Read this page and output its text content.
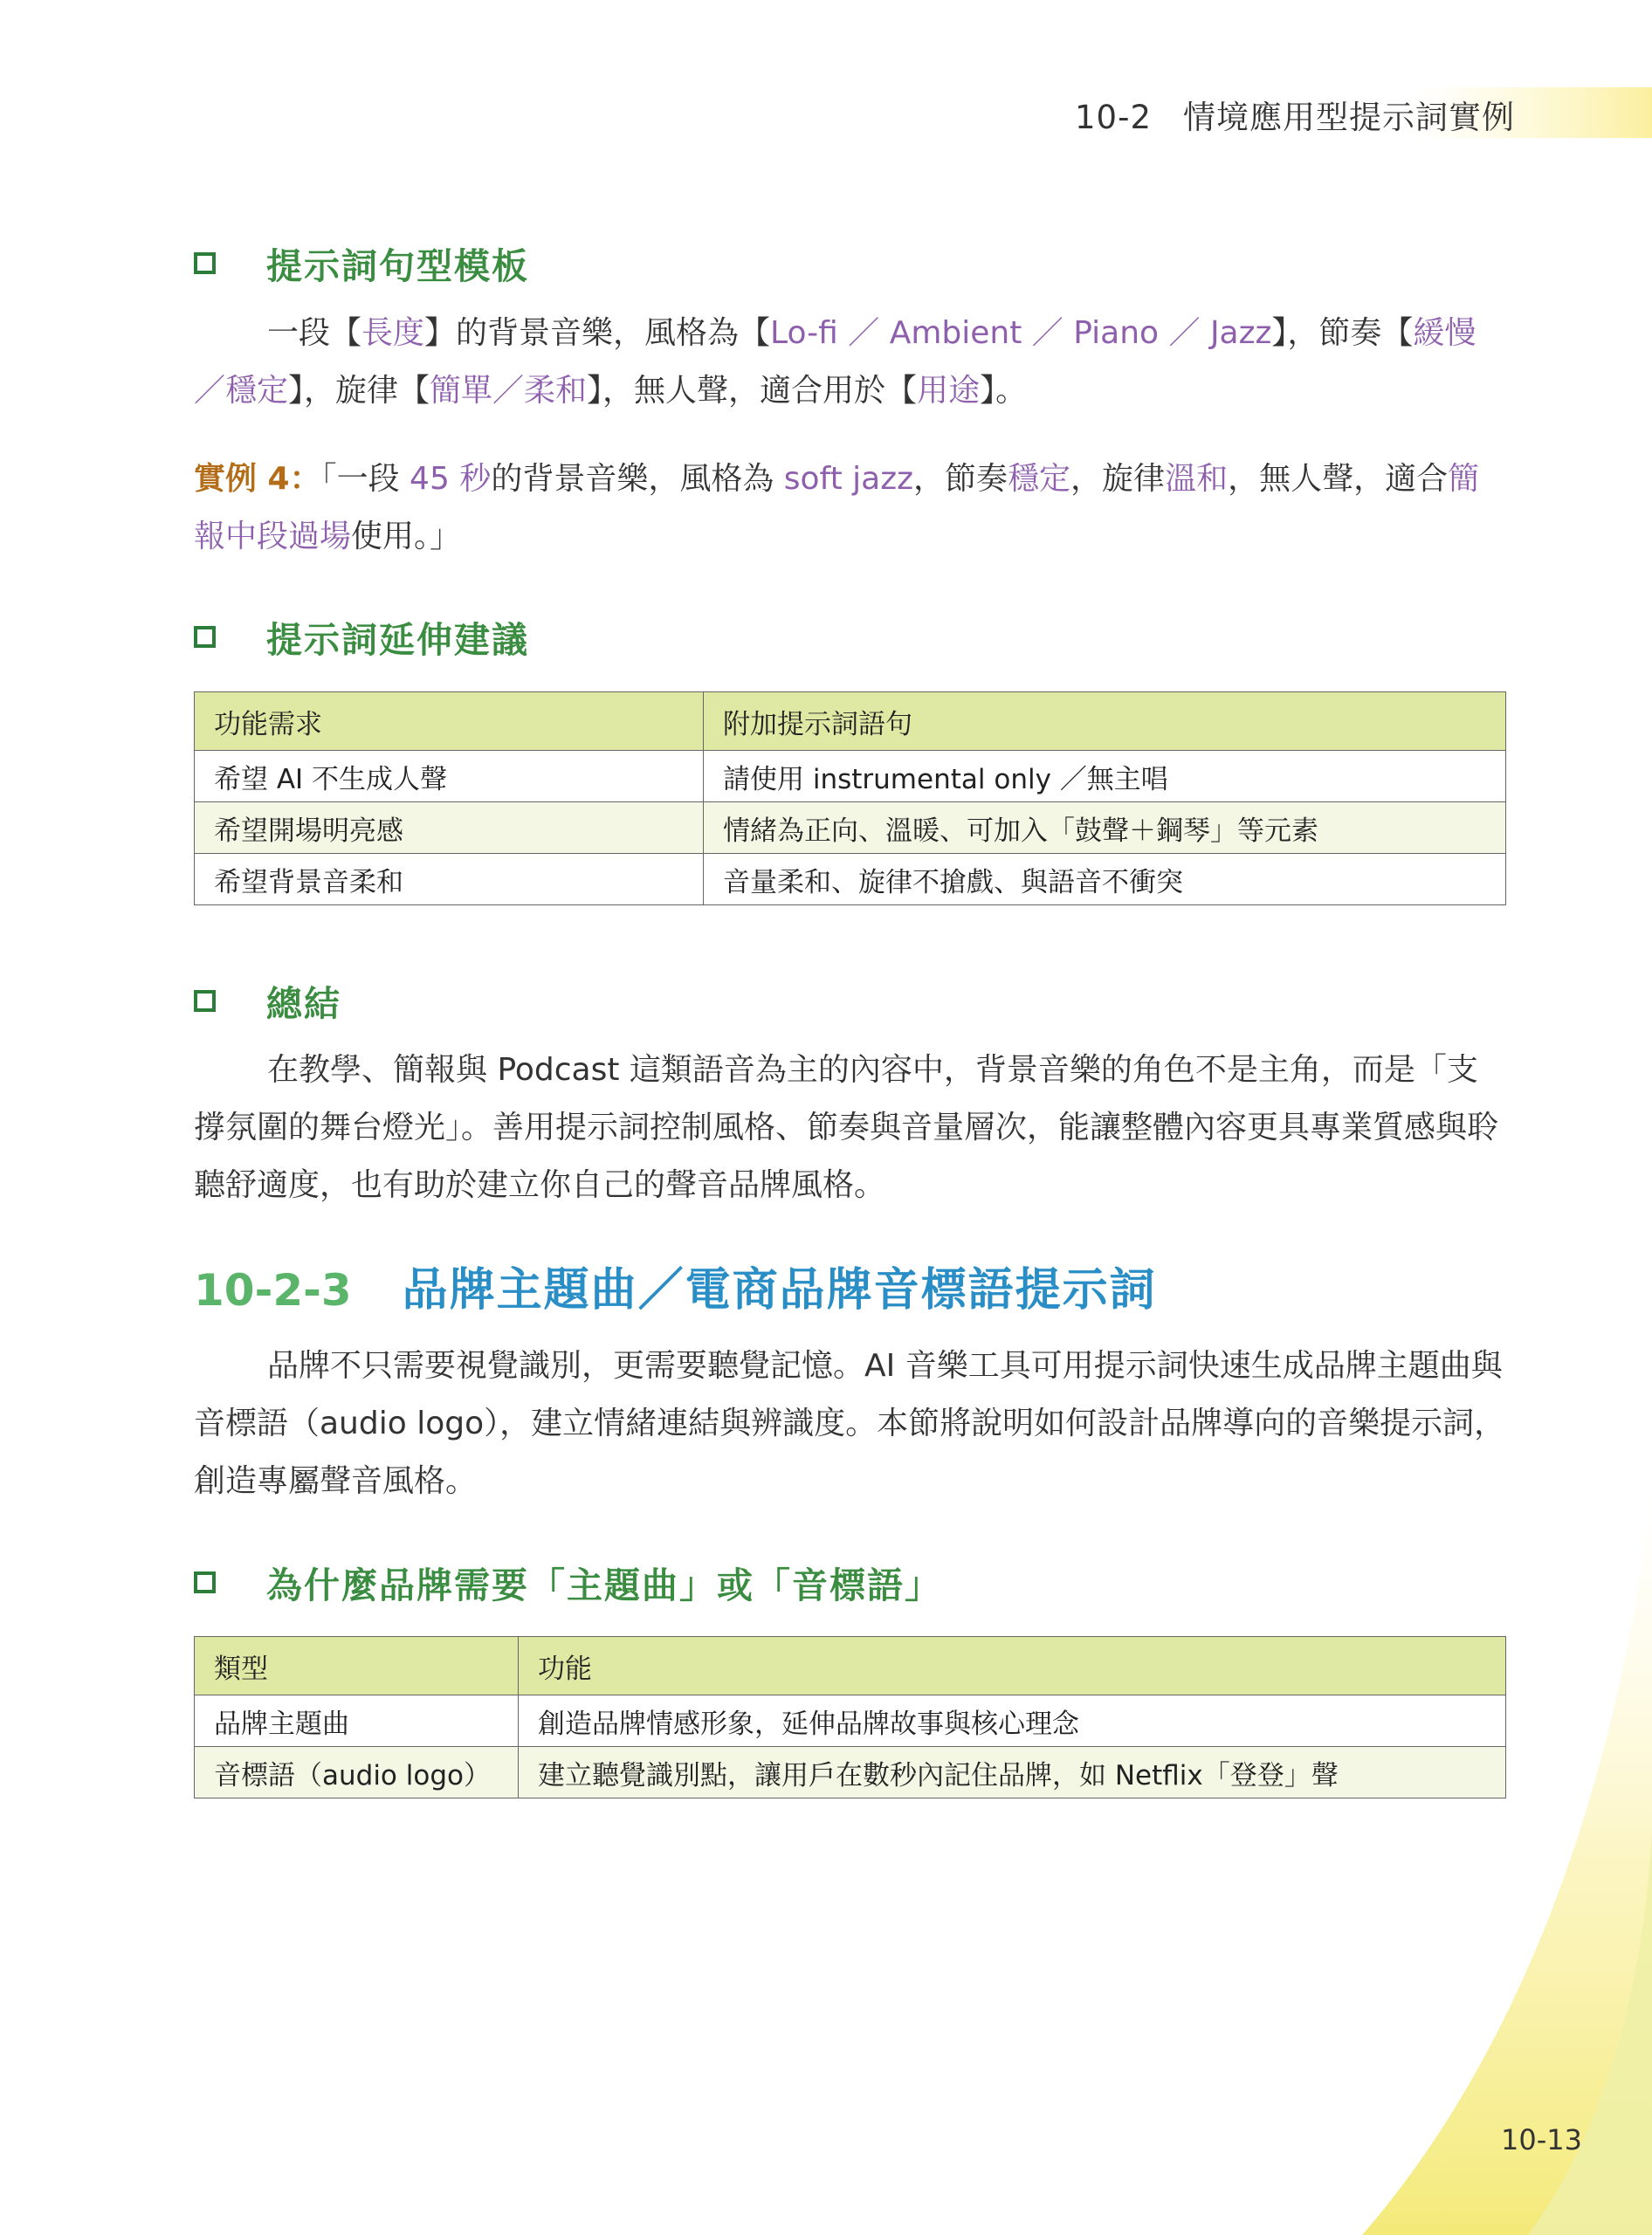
10-2 情境應用型提示詞實例
提示詞句型模板

一段【長度】的背景音樂，風格為【Lo-fi ／ Ambient ／ Piano ／ Jazz】，節奏【緩慢／穩定】，旋律【簡單／柔和】，無人聲，適合用於【用途】。

實例 4：「一段 45 秒的背景音樂，風格為 soft jazz，節奏穩定，旋律溫和，無人聲，適合簡報中段過場使用。」

提示詞延伸建議
功能需求	附加提示詞語句
希望 AI 不生成人聲	請使用 instrumental only ／無主唱
希望開場明亮感	情緒為正向、溫暖、可加入「鼓聲＋鋼琴」等元素
希望背景音柔和	音量柔和、旋律不搶戲、與語音不衝突
總結

在教學、簡報與 Podcast 這類語音為主的內容中，背景音樂的角色不是主角，而是「支撐氛圍的舞台燈光」。善用提示詞控制風格、節奏與音量層次，能讓整體內容更具專業質感與聆聽舒適度，也有助於建立你自己的聲音品牌風格。

10-2-3 品牌主題曲／電商品牌音標語提示詞

品牌不只需要視覺識別，更需要聽覺記憶。AI 音樂工具可用提示詞快速生成品牌主題曲與音標語（audio logo），建立情緒連結與辨識度。本節將說明如何設計品牌導向的音樂提示詞，創造專屬聲音風格。

為什麼品牌需要「主題曲」或「音標語」
類型	功能
品牌主題曲	創造品牌情感形象，延伸品牌故事與核心理念
音標語（audio logo）	建立聽覺識別點，讓用戶在數秒內記住品牌，如 Netflix「登登」聲
10-13
